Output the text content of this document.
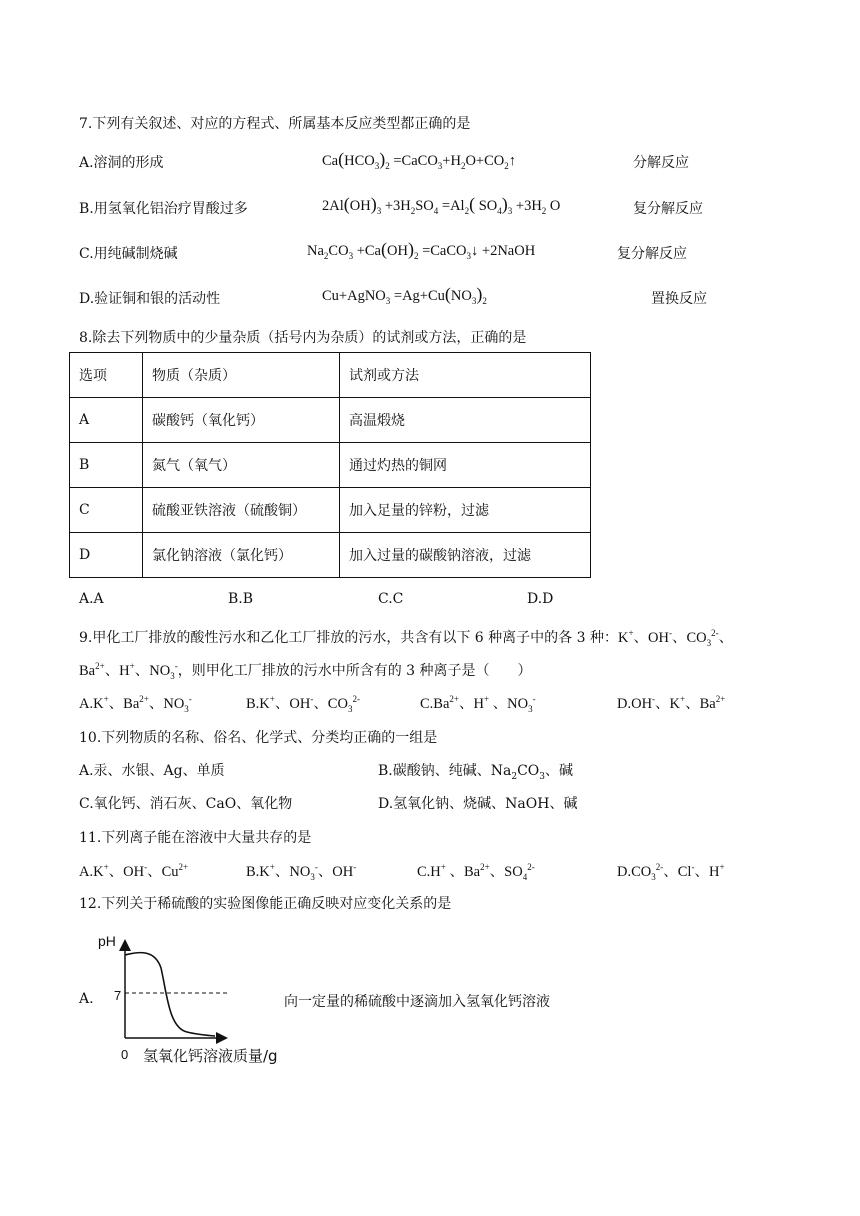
7.下列有关叙述、对应的方程式、所属基本反应类型都正确的是
A.溶洞的形成	$Ca(HCO_3)_2$ $=CaCO_3+H_2O+CO_2↑$	分解反应
B.用氢氧化铝治疗胃酸过多	$2Al(OH)_3 +3H_2SO_4 =Al_2$( $SO_4)_3 +3H_2$ O	复分解反应
C.用纯碱制烧碱	$Na_2CO_3 +Ca(OH)_2$ =CaCO$_3$↓ +2NaOH	复分解反应
D.验证铜和银的活动性	Cu+AgNO$_3$ $=Ag+Cu(NO_3)_2$	置换反应
8.除去下列物质中的少量杂质（括号内为杂质）的试剂或方法，正确的是
选项	物质（杂质）	试剂或方法
A	碳酸钙（氧化钙）	高温煅烧
B	氮气（氧气）	通过灼热的铜网
C	硫酸亚铁溶液（硫酸铜）	加入足量的锌粉，过滤
D	氯化钠溶液（氯化钙）	加入过量的碳酸钠溶液，过滤
A.A	B.B	C.C	D.D
9.甲化工厂排放的酸性污水和乙化工厂排放的污水，共含有以下 6 种离子中的各 3 种：K+、OH-、$CO_3^{2-}$、
$Ba^{2+}$、H+、$NO_3^-$，则甲化工厂排放的污水中所含有的 3 种离子是（　　）
A.K+、$Ba^{2+}$、$NO_3^-$	B.K+、OH-、$CO_3^{2-}$	$C.Ba^{2+}$、H+ 、$NO_3^-$	D.OH-、K+、$Ba^{2+}$
10.下列物质的名称、俗名、化学式、分类均正确的一组是
A.汞、水银、Ag、单质	B.碳酸钠、纯碱、$Na_2CO_3$、碱
C.氧化钙、消石灰、CaO、氧化物	D.氢氧化钠、烧碱、NaOH、碱
11.下列离子能在溶液中大量共存的是
A.K+、OH-、$Cu^{2+}$	B.K+、$NO_3^-$、OH-	C.H+ 、$Ba^{2+}$、$SO_4^{2-}$	$D.CO_3^{2-}$、Cl-、H+
12.下列关于稀硫酸的实验图像能正确反映对应变化关系的是
A.	向一定量的稀硫酸中逐滴加入氢氧化钙溶液
pH
7
0 氢氧化钙溶液质量/g
